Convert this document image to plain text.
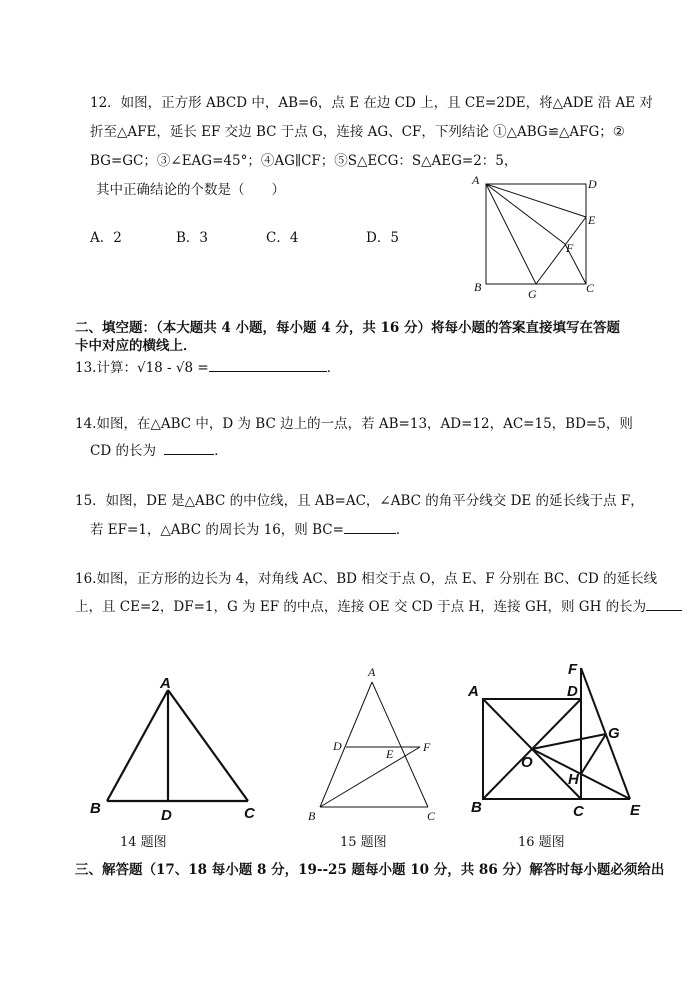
12．如图，正方形 ABCD 中，AB=6，点 E 在边 CD 上，且 CE=2DE，将△ADE 沿 AE 对
折至△AFE，延长 EF 交边 BC 于点 G，连接 AG、CF，下列结论 ①△ABG≌△AFG；②
BG=GC；③∠EAG=45°；④AG∥CF；⑤S△ECG：S△AEG=2：5，
其中正确结论的个数是（　　）
A．2	B．3	C．4	D．5
A	D
E
F
B	G	C
二、填空题：（本大题共 4 小题，每小题 4 分，共 16 分）将每小题的答案直接填写在答题
卡中对应的横线上．
13.计算：√18 - √8 =	．
14.如图，在△ABC 中，D 为 BC 边上的一点，若 AB=13，AD=12，AC=15，BD=5，则
CD 的长为	．
15．如图，DE 是△ABC 的中位线，且 AB=AC，∠ABC 的角平分线交 DE 的延长线于点 F，
若 EF=1，△ABC 的周长为 16，则 BC=	．
16.如图，正方形的边长为 4，对角线 AC、BD 相交于点 O，点 E、F 分别在 BC、CD 的延长线
上，且 CE=2，DF=1，G 为 EF 的中点，连接 OE 交 CD 于点 H，连接 GH，则 GH 的长为
A
B	D	C
14 题图
A
D
E F
B	C
15 题图
F
D
A
G
O
H
B	C	E
16 题图
三、解答题（17、18 每小题 8 分，19--25 题每小题 10 分，共 86 分）解答时每小题必须给出
